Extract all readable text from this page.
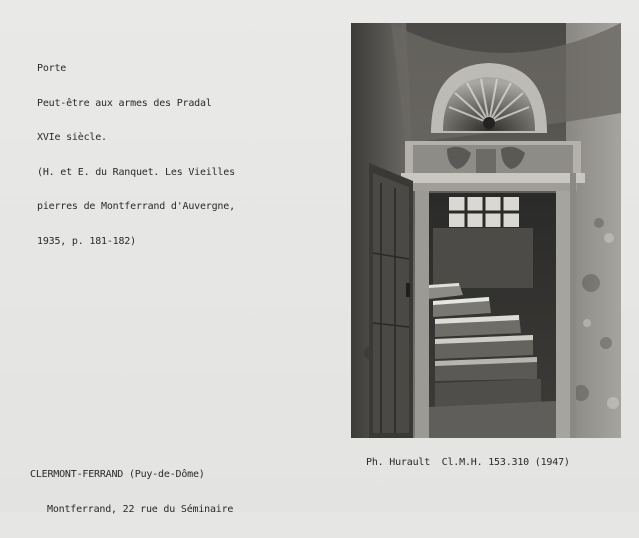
Porte

Peut-être aux armes des Pradal

XVIe siècle.

(H. et E. du Ranquet. Les Vieilles

pierres de Montferrand d'Auvergne,

1935, p. 181-182)

CLERMONT-FERRAND (Puy-de-Dôme)

Montferrand, 22 rue du Séminaire

Ph. Hurault  Cl.M.H. 153.310 (1947)
